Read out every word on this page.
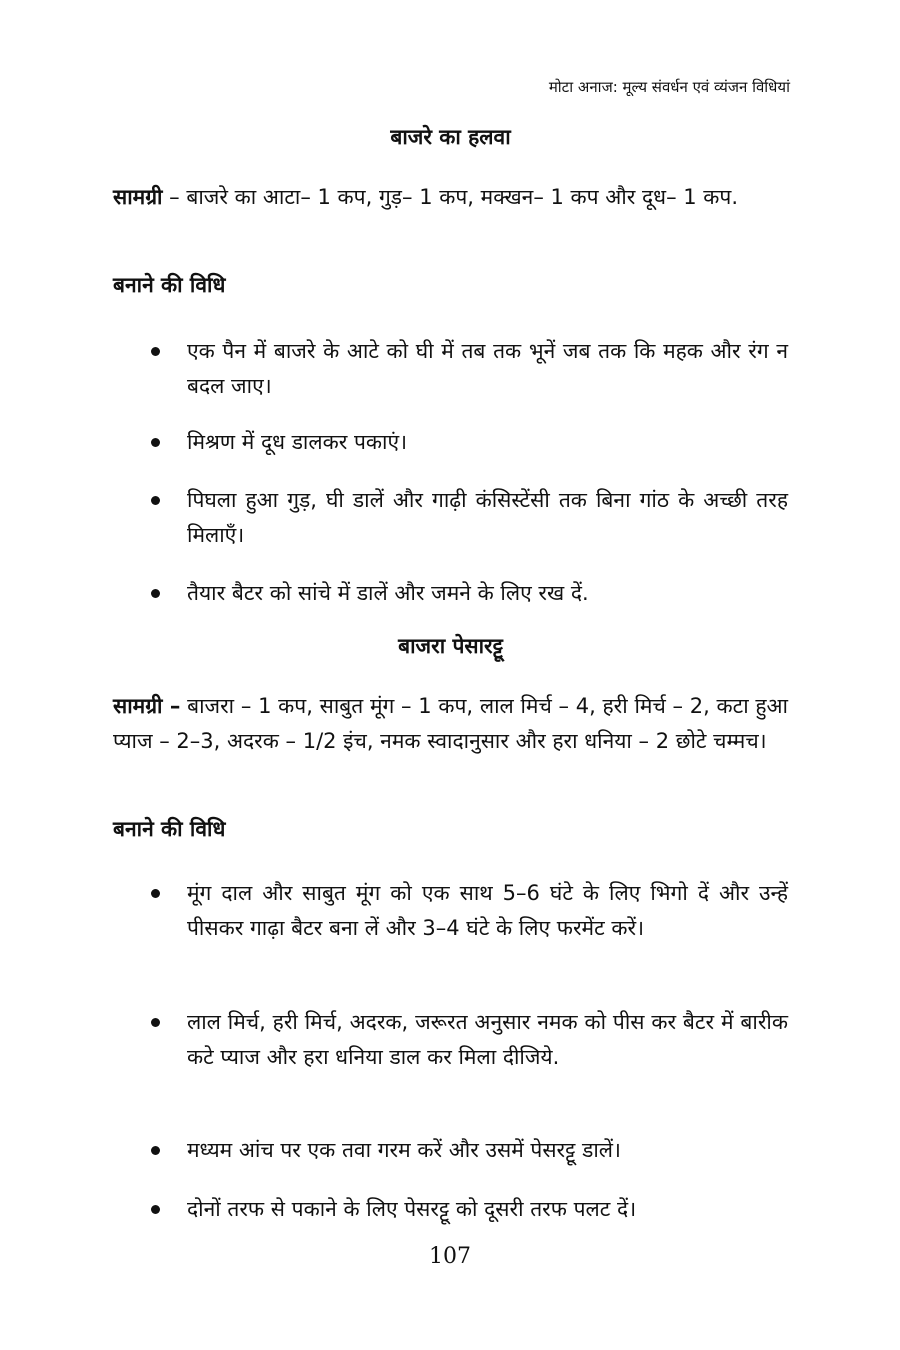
मोटा अनाज: मूल्य संवर्धन एवं व्यंजन विधियां
बाजरे का हलवा
सामग्री – बाजरे का आटा– 1 कप, गुड़– 1 कप, मक्खन– 1 कप और दूध– 1 कप.
बनाने की विधि
एक पैन में बाजरे के आटे को घी में तब तक भूनें जब तक कि महक और रंग न बदल जाए।
मिश्रण में दूध डालकर पकाएं।
पिघला हुआ गुड़, घी डालें और गाढ़ी कंसिस्टेंसी तक बिना गांठ के अच्छी तरह मिलाएँ।
तैयार बैटर को सांचे में डालें और जमने के लिए रख दें.
बाजरा पेसारट्टू
सामग्री – बाजरा – 1 कप, साबुत मूंग – 1 कप, लाल मिर्च – 4, हरी मिर्च – 2, कटा हुआ प्याज – 2–3, अदरक – 1/2 इंच, नमक स्वादानुसार और हरा धनिया – 2 छोटे चम्मच।
बनाने की विधि
मूंग दाल और साबुत मूंग को एक साथ 5–6 घंटे के लिए भिगो दें और उन्हें पीसकर गाढ़ा बैटर बना लें और 3–4 घंटे के लिए फरमेंट करें।
लाल मिर्च, हरी मिर्च, अदरक, जरूरत अनुसार नमक को पीस कर बैटर में बारीक कटे प्याज और हरा धनिया डाल कर मिला दीजिये.
मध्यम आंच पर एक तवा गरम करें और उसमें पेसरट्टू डालें।
दोनों तरफ से पकाने के लिए पेसरट्टू को दूसरी तरफ पलट दें।
107
